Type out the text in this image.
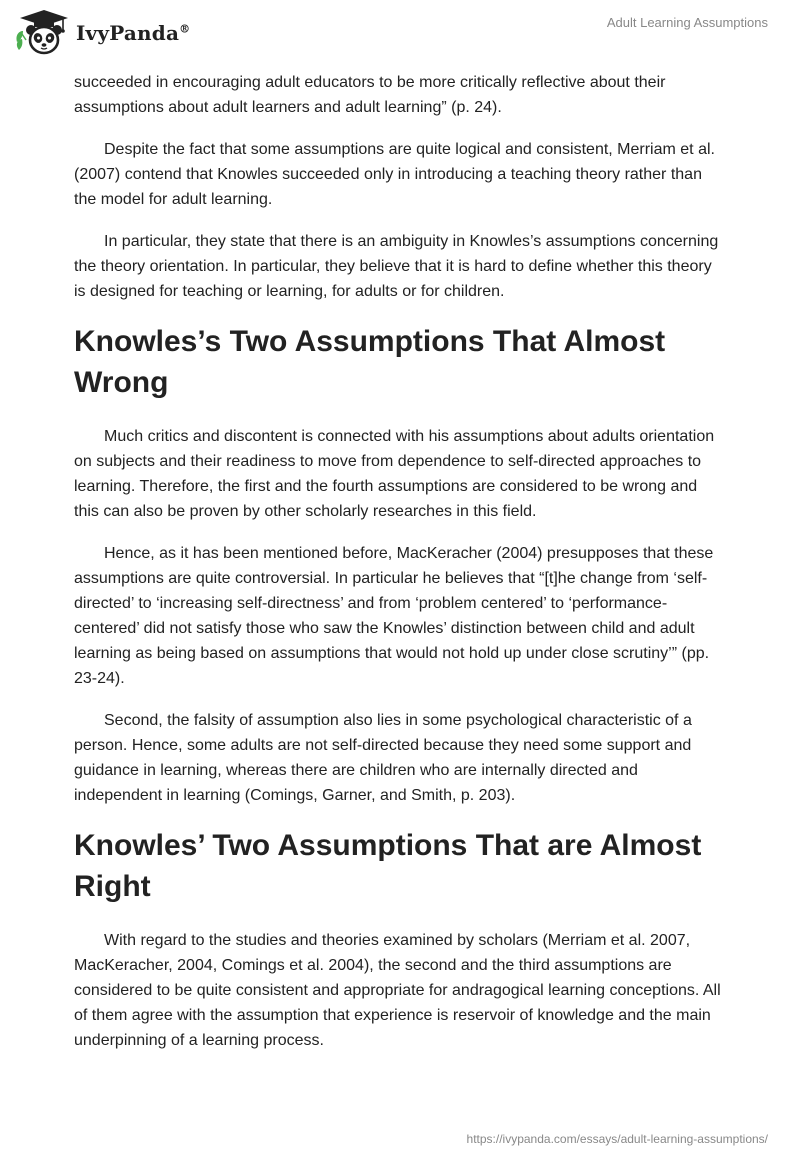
IvyPanda®	Adult Learning Assumptions

succeeded in encouraging adult educators to be more critically reflective about their assumptions about adult learners and adult learning” (p. 24).

Despite the fact that some assumptions are quite logical and consistent, Merriam et al. (2007) contend that Knowles succeeded only in introducing a teaching theory rather than the model for adult learning.

In particular, they state that there is an ambiguity in Knowles’s assumptions concerning the theory orientation. In particular, they believe that it is hard to define whether this theory is designed for teaching or learning, for adults or for children.

Knowles’s Two Assumptions That Almost Wrong

Much critics and discontent is connected with his assumptions about adults orientation on subjects and their readiness to move from dependence to self-directed approaches to learning. Therefore, the first and the fourth assumptions are considered to be wrong and this can also be proven by other scholarly researches in this field.

Hence, as it has been mentioned before, MacKeracher (2004) presupposes that these assumptions are quite controversial. In particular he believes that “[t]he change from ‘self-directed’ to ‘increasing self-directness’ and from ‘problem centered’ to ‘performance-centered’ did not satisfy those who saw the Knowles’ distinction between child and adult learning as being based on assumptions that would not hold up under close scrutiny’” (pp. 23-24).

Second, the falsity of assumption also lies in some psychological characteristic of a person. Hence, some adults are not self-directed because they need some support and guidance in learning, whereas there are children who are internally directed and independent in learning (Comings, Garner, and Smith, p. 203).

Knowles’ Two Assumptions That are Almost Right

With regard to the studies and theories examined by scholars (Merriam et al. 2007, MacKeracher, 2004, Comings et al. 2004), the second and the third assumptions are considered to be quite consistent and appropriate for andragogical learning conceptions. All of them agree with the assumption that experience is reservoir of knowledge and the main underpinning of a learning process.

https://ivypanda.com/essays/adult-learning-assumptions/
